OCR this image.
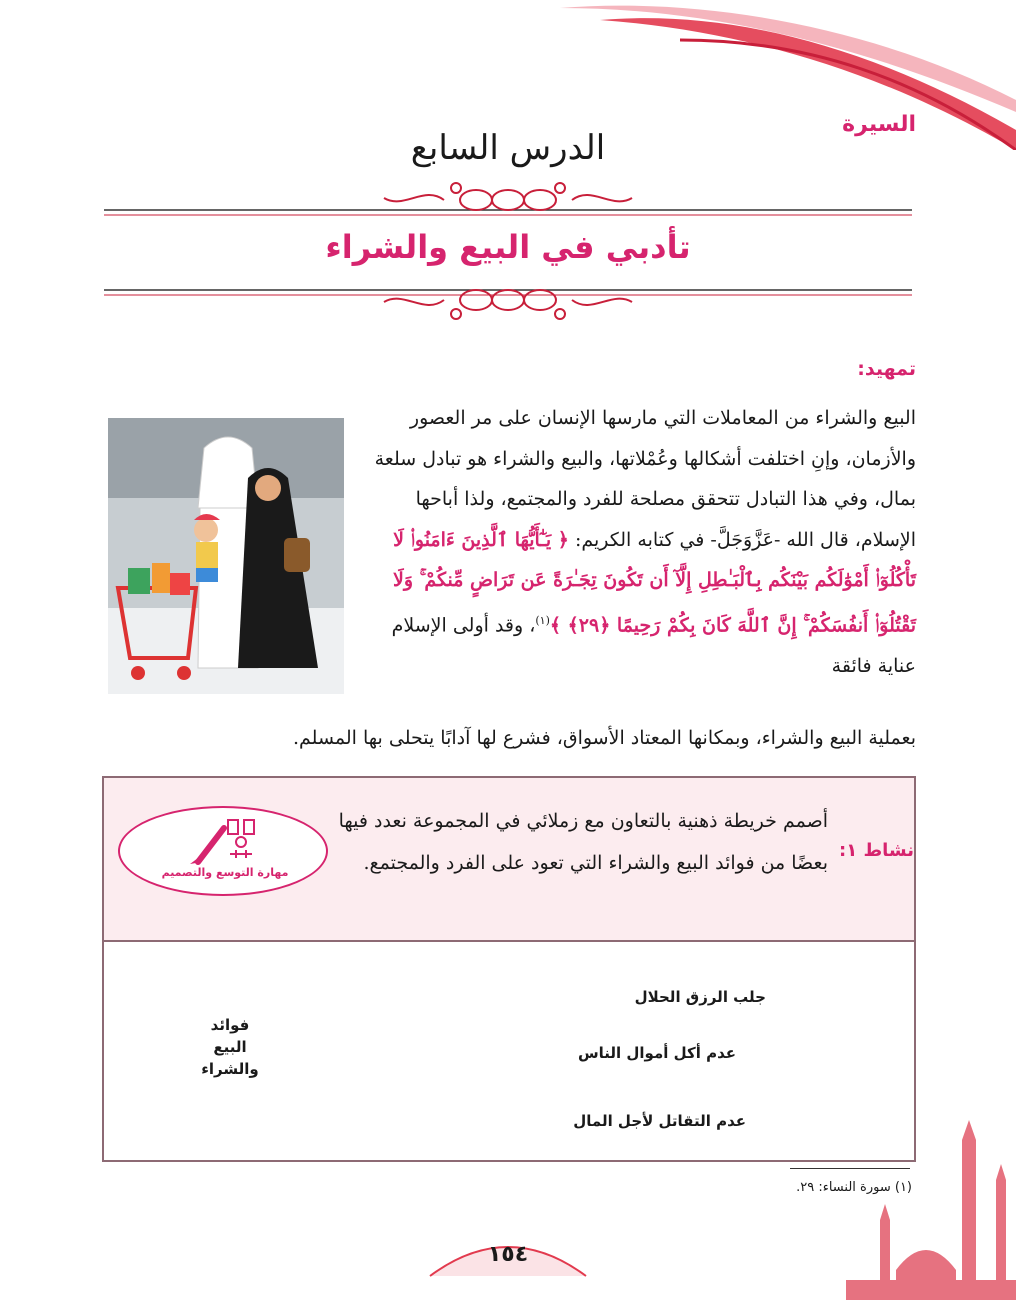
السيرة
الدرس السابع
تأدبي في البيع والشراء
تمهيد:
البيع والشراء من المعاملات التي مارسها الإنسان على مر العصور والأزمان، وإنِ اختلفت أشكالها وعُمْلاتها، والبيع والشراء هو تبادل سلعة بمال، وفي هذا التبادل تتحقق مصلحة للفرد والمجتمع، ولذا أباحها الإسلام، قال الله -عَزَّوَجَلَّ- في كتابه الكريم: ﴿ يَـٰٓأَيُّهَا ٱلَّذِينَ ءَامَنُوا۟ لَا تَأْكُلُوٓا۟ أَمْوَٰلَكُم بَيْنَكُم بِٱلْبَـٰطِلِ إِلَّآ أَن تَكُونَ تِجَـٰرَةً عَن تَرَاضٍ مِّنكُمْ ۚ وَلَا تَقْتُلُوٓا۟ أَنفُسَكُمْ ۚ إِنَّ ٱللَّهَ كَانَ بِكُمْ رَحِيمًا ﴿٢٩﴾ ﴾$^{(١)}$، وقد أولى الإسلام عناية فائقة
بعملية البيع والشراء، وبمكانها المعتاد الأسواق، فشرع لها آدابًا يتحلى بها المسلم.
نشاط ١:
أصمم خريطة ذهنية بالتعاون مع زملائي في المجموعة نعدد فيها بعضًا من فوائد البيع والشراء التي تعود على الفرد والمجتمع.
مهارة التوسع والتصميم
فوائد
البيع
والشراء
جلب الرزق الحلال
عدم أكل أموال الناس
عدم التقاتل لأجل المال
(١) سورة النساء: ٢٩.
١٥٤
